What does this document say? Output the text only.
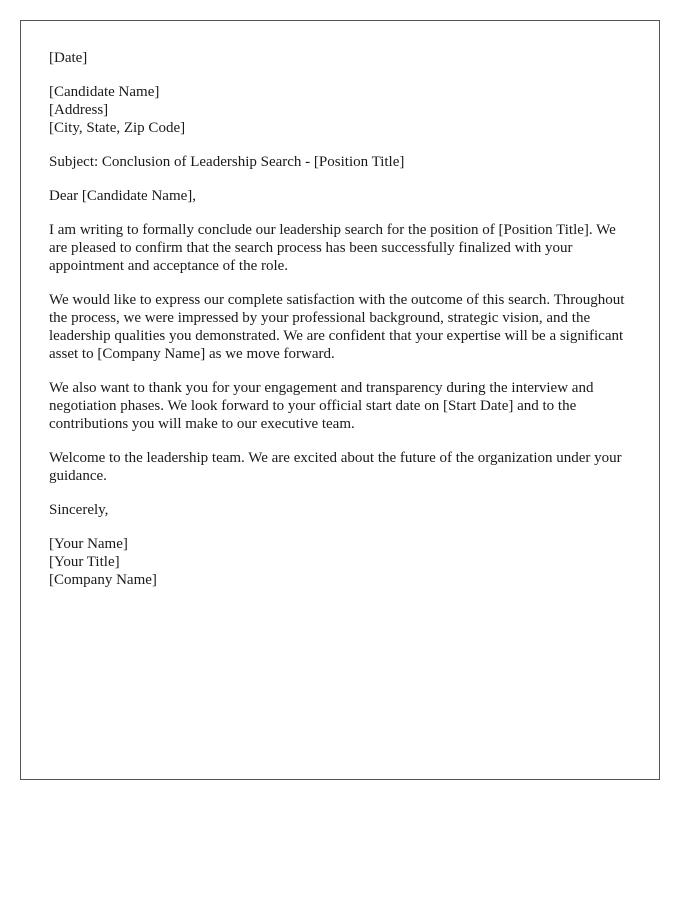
[Date]
[Candidate Name]
[Address]
[City, State, Zip Code]
Subject: Conclusion of Leadership Search - [Position Title]
Dear [Candidate Name],

I am writing to formally conclude our leadership search for the position of [Position Title]. We are pleased to confirm that the search process has been successfully finalized with your appointment and acceptance of the role.

We would like to express our complete satisfaction with the outcome of this search. Throughout the process, we were impressed by your professional background, strategic vision, and the leadership qualities you demonstrated. We are confident that your expertise will be a significant asset to [Company Name] as we move forward.

We also want to thank you for your engagement and transparency during the interview and negotiation phases. We look forward to your official start date on [Start Date] and to the contributions you will make to our executive team.

Welcome to the leadership team. We are excited about the future of the organization under your guidance.

Sincerely,
[Your Name]
[Your Title]
[Company Name]
